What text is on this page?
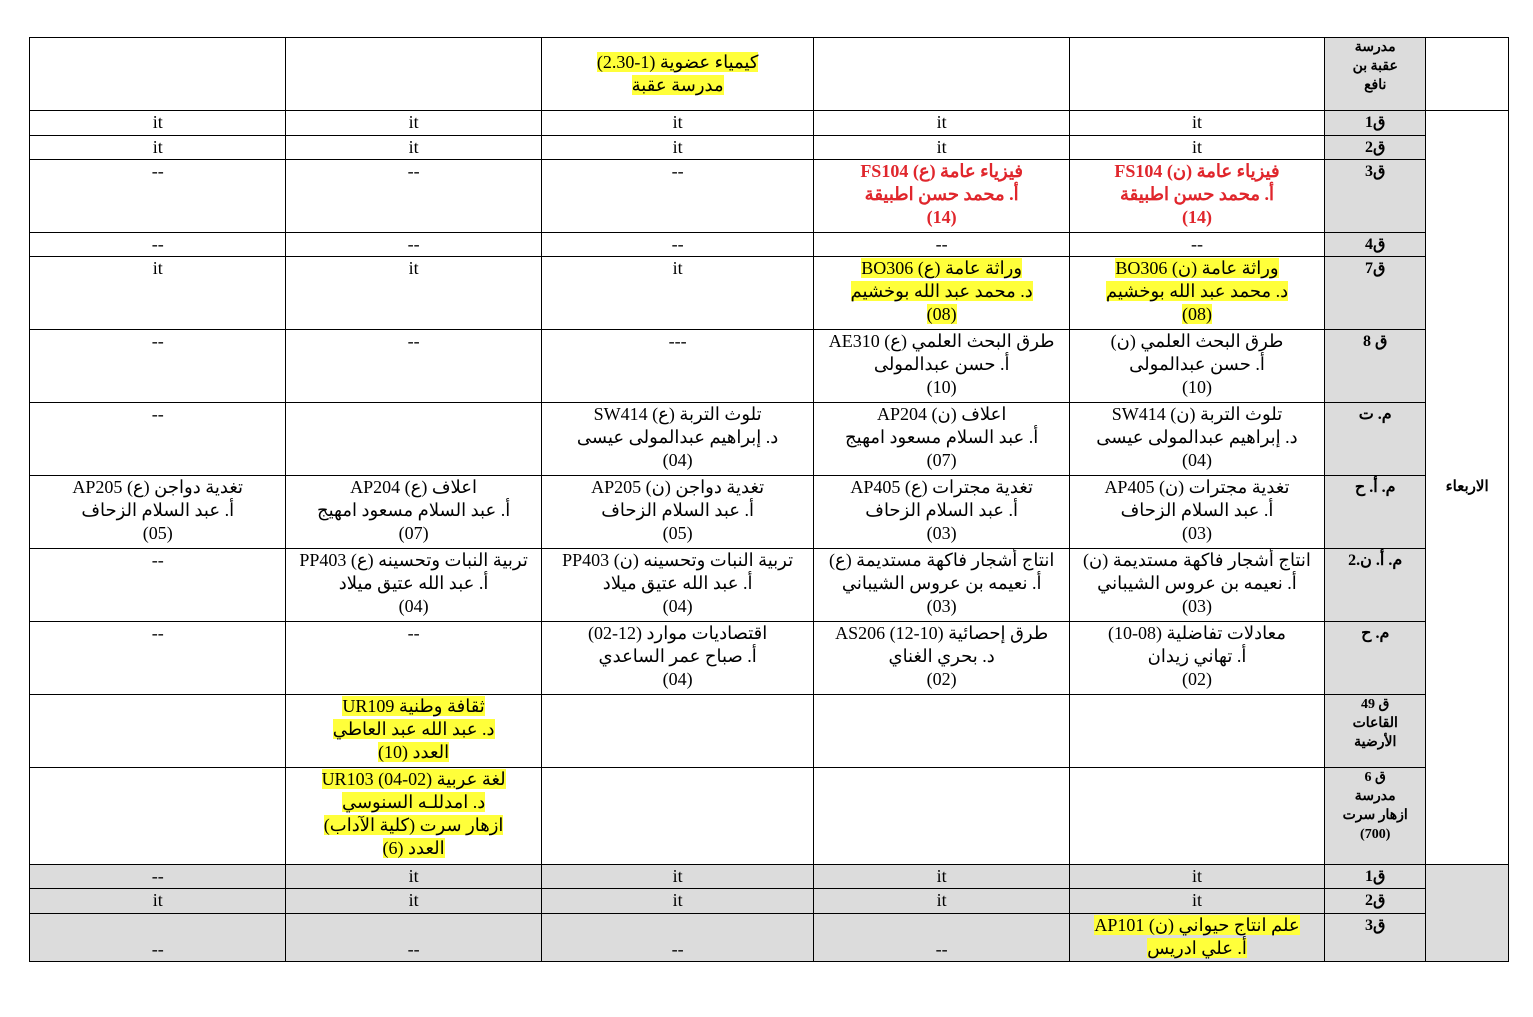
	مدرسة
عقبة بن
نافع			كيمياء عضوية (1-2.30)
مدرسة عقبة		

الاربعاء	ق1	it	it	it	it	it

	ق2	it	it	it	it	it

	ق3	فيزياء عامة (ن) FS104
أ. محمد حسن اطبيقة
(14)	فيزياء عامة (ع) FS104
أ. محمد حسن اطبيقة
(14)	--	--	--

	ق4	--	--	--	--	--

	ق7	وراثة عامة (ن) BO306
د. محمد عبد الله بوخشيم
(08)	وراثة عامة (ع) BO306
د. محمد عبد الله بوخشيم
(08)	it	it	it

	ق 8	طرق البحث العلمي (ن)
أ. حسن عبدالمولى
(10)	طرق البحث العلمي (ع) AE310
أ. حسن عبدالمولى
(10)	---	--	--

	م. ت	تلوث التربة (ن) SW414
د. إبراهيم عبدالمولى عيسى
(04)	اعلاف (ن) AP204
أ. عبد السلام مسعود امهيج
(07)	تلوث التربة (ع) SW414
د. إبراهيم عبدالمولى عيسى
(04)		--

	م. أ. ح	تغدية مجترات (ن) AP405
أ. عبد السلام الزحاف
(03)	تغدية مجترات (ع) AP405
أ. عبد السلام الزحاف
(03)	تغدية دواجن (ن) AP205
أ. عبد السلام الزحاف
(05)	اعلاف (ع) AP204
أ. عبد السلام مسعود امهيج
(07)	تغدية دواجن (ع) AP205
أ. عبد السلام الزحاف
(05)

	م. أ. ن.2	انتاج أشجار فاكهة مستديمة (ن)
أ. نعيمه بن عروس الشيباني
(03)	انتاج أشجار فاكهة مستديمة (ع)
أ. نعيمه بن عروس الشيباني
(03)	تربية النبات وتحسينه (ن) PP403
أ. عبد الله عتيق ميلاد
(04)	تربية النبات وتحسينه (ع) PP403
أ. عبد الله عتيق ميلاد
(04)	--

	م. ح	معادلات تفاضلية (08-10)
أ. تهاني زيدان
(02)	طرق إحصائية (10-12) AS206
د. بحري الغناي
(02)	اقتصاديات موارد (12-02)
أ. صباح عمر الساعدي
(04)	--	--

	ق 49
القاعات
الأرضية				ثقافة وطنية UR109
د. عبد الله عبد العاطي
العدد (10)	

	ق 6
مدرسة
ازهار سرت
(700)				لغة عربية (02-04) UR103
د. امدللـه السنوسي
ازهار سرت (كلية الآداب)
العدد (6)	

	ق1	it	it	it	it	--

	ق2	it	it	it	it	it

	ق3	علم انتاج حيواني (ن) AP101
أ. علي ادريس	--	--	--	--
